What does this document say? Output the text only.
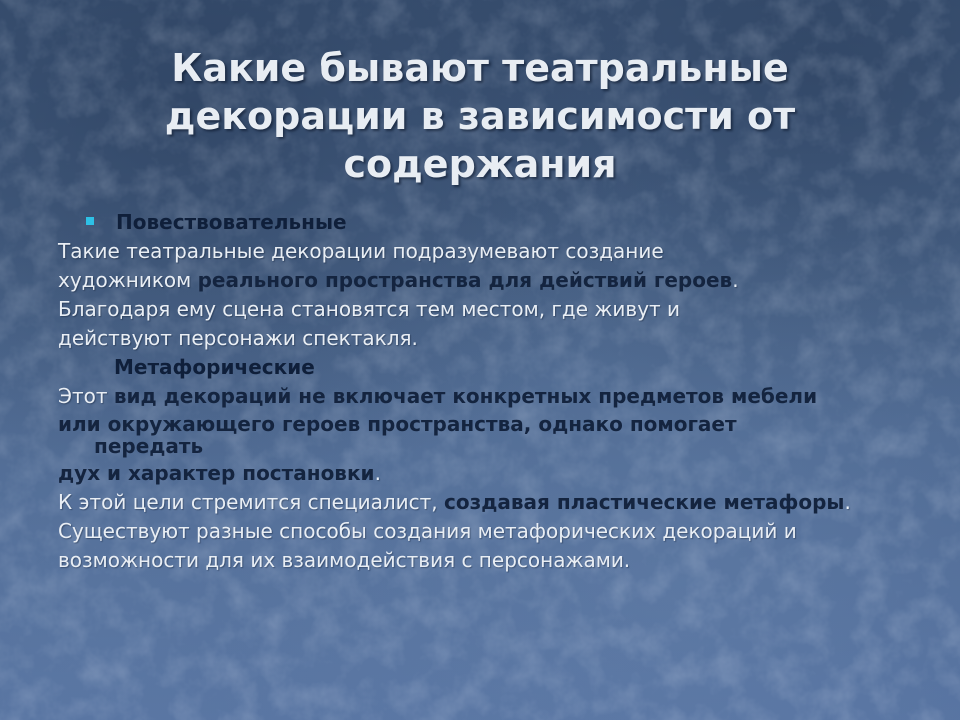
Какие бывают театральные
декорации в зависимости от
содержания
Повествовательные
Такие театральные декорации подразумевают создание
художником реального пространства для действий героев.
Благодаря ему сцена становятся тем местом, где живут и
действуют персонажи спектакля.
Метафорические
Этот вид декораций не включает конкретных предметов мебели
или окружающего героев пространства, однако помогает
передать
дух и характер постановки.
К этой цели стремится специалист, создавая пластические метафоры.
Существуют разные способы создания метафорических декораций и
возможности для их взаимодействия с персонажами.
